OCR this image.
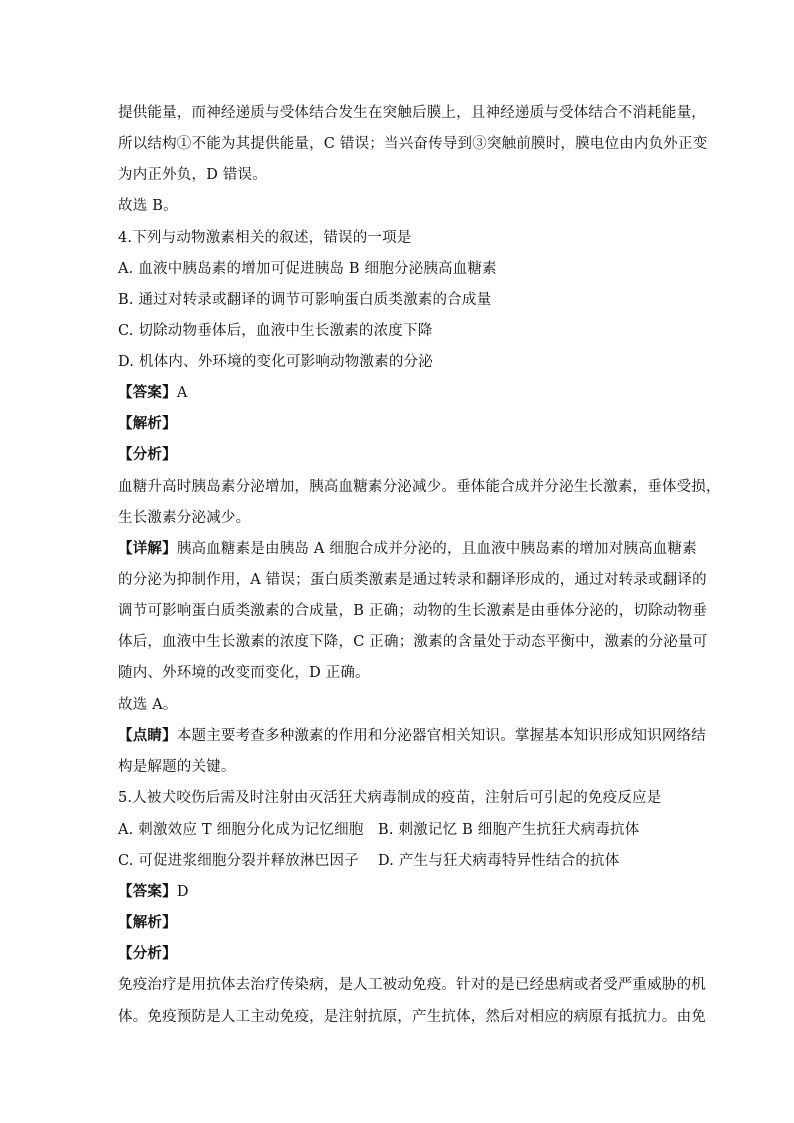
提供能量，而神经递质与受体结合发生在突触后膜上，且神经递质与受体结合不消耗能量，
所以结构①不能为其提供能量，C 错误；当兴奋传导到③突触前膜时，膜电位由内负外正变
为内正外负，D 错误。
故选 B。
4.下列与动物激素相关的叙述，错误的一项是
A. 血液中胰岛素的增加可促进胰岛 B 细胞分泌胰高血糖素
B. 通过对转录或翻译的调节可影响蛋白质类激素的合成量
C. 切除动物垂体后，血液中生长激素的浓度下降
D. 机体内、外环境的变化可影响动物激素的分泌
【答案】A
【解析】
【分析】
血糖升高时胰岛素分泌增加，胰高血糖素分泌减少。垂体能合成并分泌生长激素，垂体受损，
生长激素分泌减少。
【详解】胰高血糖素是由胰岛 A 细胞合成并分泌的，且血液中胰岛素的增加对胰高血糖素
的分泌为抑制作用，A 错误；蛋白质类激素是通过转录和翻译形成的，通过对转录或翻译的
调节可影响蛋白质类激素的合成量，B 正确；动物的生长激素是由垂体分泌的，切除动物垂
体后，血液中生长激素的浓度下降，C 正确；激素的含量处于动态平衡中，激素的分泌量可
随内、外环境的改变而变化，D 正确。
故选 A。
【点睛】本题主要考查多种激素的作用和分泌器官相关知识。掌握基本知识形成知识网络结
构是解题的关键。
5.人被犬咬伤后需及时注射由灭活狂犬病毒制成的疫苗，注射后可引起的免疫反应是
A. 刺激效应 T 细胞分化成为记忆细胞 B. 刺激记忆 B 细胞产生抗狂犬病毒抗体
C. 可促进浆细胞分裂并释放淋巴因子 D. 产生与狂犬病毒特异性结合的抗体
【答案】D
【解析】
【分析】
免疫治疗是用抗体去治疗传染病，是人工被动免疫。针对的是已经患病或者受严重威胁的机
体。免疫预防是人工主动免疫，是注射抗原，产生抗体，然后对相应的病原有抵抗力。由免
